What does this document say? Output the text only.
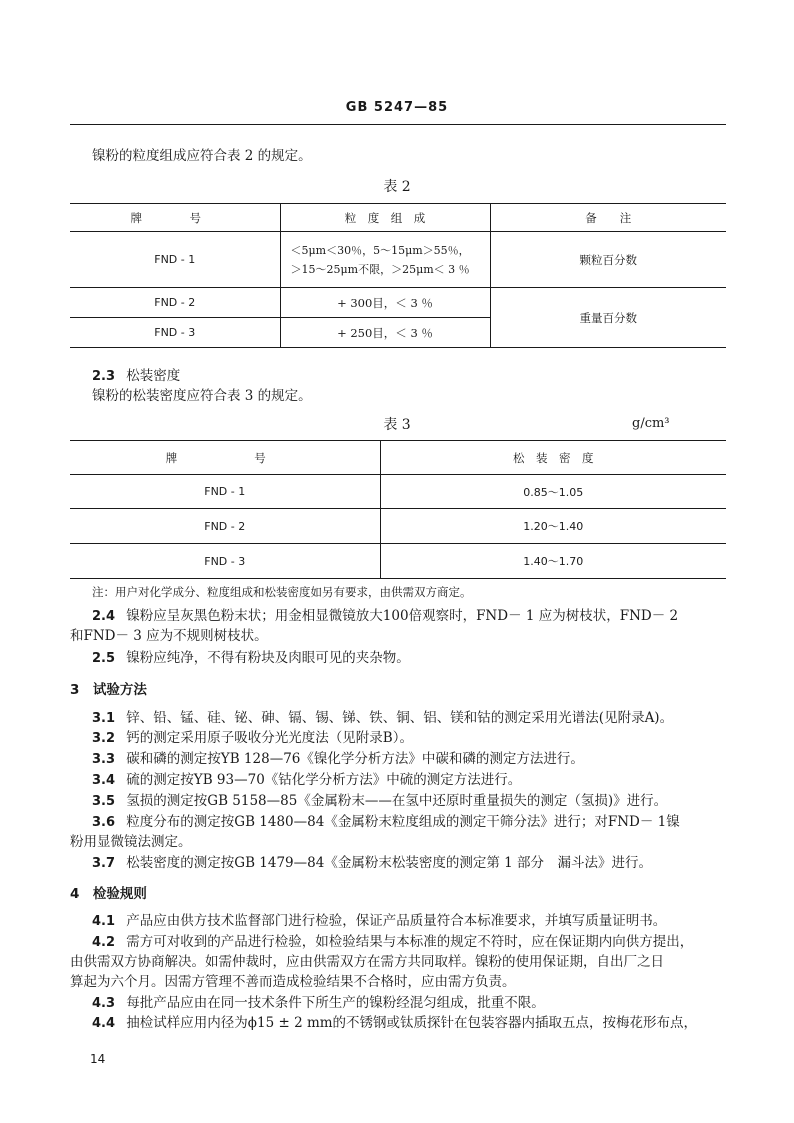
GB 5247—85
镍粉的粒度组成应符合表 2 的规定。
表 2
牌　号	粒　度　组　成	备　　注
FND - 1	＜5μm＜30％，5～15μm＞55％，
＞15～25μm不限，＞25μm＜ 3 ％	颗粒百分数
FND - 2	+ 300目，＜ 3 ％	重量百分数
FND - 3	+ 250目，＜ 3 ％	
2.3 松装密度
镍粉的松装密度应符合表 3 的规定。
表 3	g/cm³
牌　　号	松　装　密　度
FND - 1	0.85～1.05
FND - 2	1.20～1.40
FND - 3	1.40～1.70
注：用户对化学成分、粒度组成和松装密度如另有要求，由供需双方商定。
2.4 镍粉应呈灰黑色粉末状；用金相显微镜放大100倍观察时，FND－ 1 应为树枝状，FND－ 2
和FND－ 3 应为不规则树枝状。
2.5 镍粉应纯净，不得有粉块及肉眼可见的夹杂物。
3　试验方法
3.1 锌、铅、锰、硅、铋、砷、镉、锡、锑、铁、铜、铝、镁和钴的测定采用光谱法(见附录A)。
3.2 钙的测定采用原子吸收分光光度法（见附录B）。
3.3 碳和磷的测定按YB 128—76《镍化学分析方法》中碳和磷的测定方法进行。
3.4 硫的测定按YB 93—70《钴化学分析方法》中硫的测定方法进行。
3.5 氢损的测定按GB 5158—85《金属粉末——在氢中还原时重量损失的测定（氢损)》进行。
3.6 粒度分布的测定按GB 1480—84《金属粉末粒度组成的测定干筛分法》进行；对FND－ 1镍
粉用显微镜法测定。
3.7 松装密度的测定按GB 1479—84《金属粉末松装密度的测定第 1 部分　漏斗法》进行。
4　检验规则
4.1 产品应由供方技术监督部门进行检验，保证产品质量符合本标准要求，并填写质量证明书。
4.2 需方可对收到的产品进行检验，如检验结果与本标准的规定不符时，应在保证期内向供方提出，
由供需双方协商解决。如需仲裁时，应由供需双方在需方共同取样。镍粉的使用保证期，自出厂之日
算起为六个月。因需方管理不善而造成检验结果不合格时，应由需方负责。
4.3 每批产品应由在同一技术条件下所生产的镍粉经混匀组成，批重不限。
4.4 抽检试样应用内径为ϕ15 ± 2 mm的不锈钢或钛质探针在包装容器内插取五点，按梅花形布点，
14
